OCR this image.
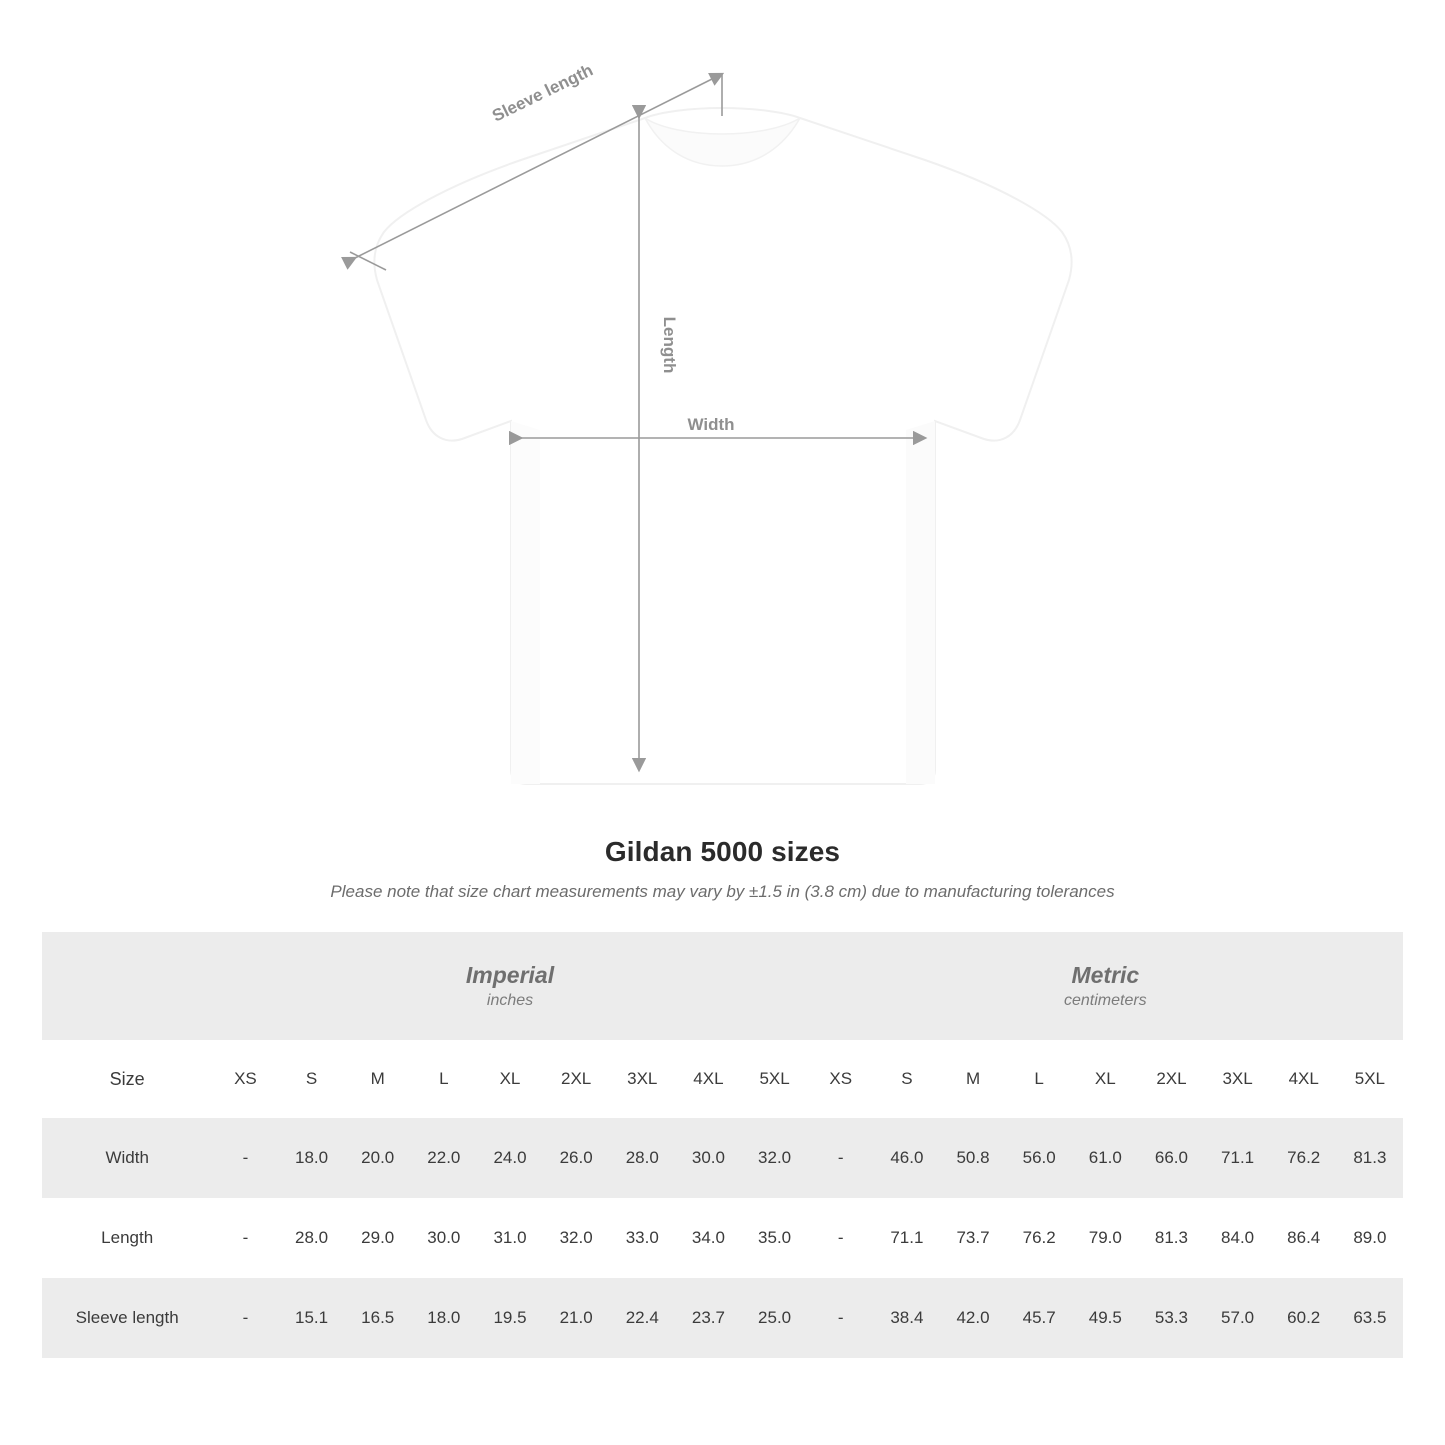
Sleeve length
Length
Width
Gildan 5000 sizes
Please note that size chart measurements may vary by ±1.5 in (3.8 cm) due to manufacturing tolerances

	Imperial
inches									Metric
centimeters								

Size	XS	S	M	L	XL	2XL	3XL	4XL	5XL	XS	S	M	L	XL	2XL	3XL	4XL	5XL
Width	-	18.0	20.0	22.0	24.0	26.0	28.0	30.0	32.0	-	46.0	50.8	56.0	61.0	66.0	71.1	76.2	81.3
Length	-	28.0	29.0	30.0	31.0	32.0	33.0	34.0	35.0	-	71.1	73.7	76.2	79.0	81.3	84.0	86.4	89.0
Sleeve length	-	15.1	16.5	18.0	19.5	21.0	22.4	23.7	25.0	-	38.4	42.0	45.7	49.5	53.3	57.0	60.2	63.5
